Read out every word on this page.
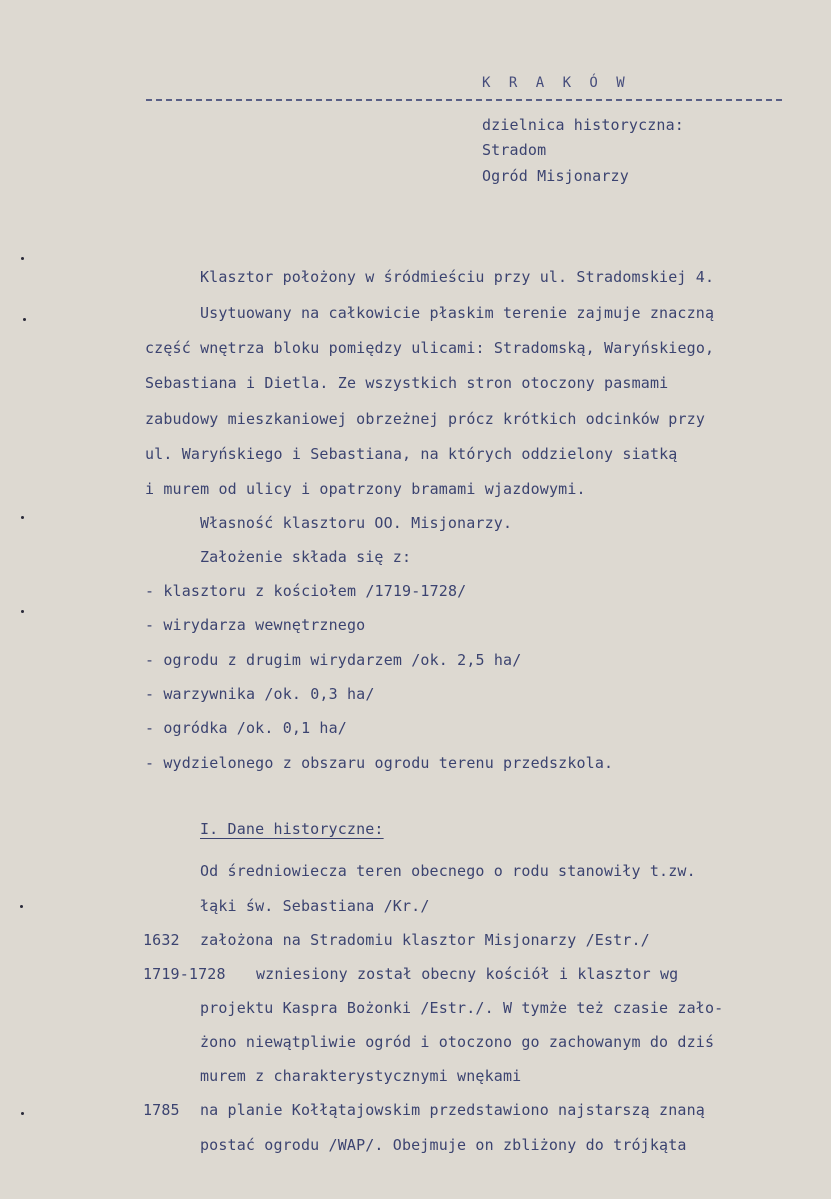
K R A K Ó W
dzielnica historyczna:
Stradom
Ogród Misjonarzy
Klasztor położony w śródmieściu przy ul. Stradomskiej 4.
Usytuowany na całkowicie płaskim terenie zajmuje znaczną
część wnętrza bloku pomiędzy ulicami: Stradomską, Waryńskiego,
Sebastiana i Dietla. Ze wszystkich stron otoczony pasmami
zabudowy mieszkaniowej obrzeżnej prócz krótkich odcinków przy
ul. Waryńskiego i Sebastiana, na których oddzielony siatką
i murem od ulicy i opatrzony bramami wjazdowymi.
Własność klasztoru OO. Misjonarzy.
Założenie składa się z:
- klasztoru z kościołem /1719-1728/
- wirydarza wewnętrznego
- ogrodu z drugim wirydarzem /ok. 2,5 ha/
- warzywnika /ok. 0,3 ha/
- ogródka /ok. 0,1 ha/
- wydzielonego z obszaru ogrodu terenu przedszkola.
I. Dane historyczne:
Od średniowiecza teren obecnego o rodu stanowiły t.zw.
łąki św. Sebastiana /Kr./
1632 założona na Stradomiu klasztor Misjonarzy /Estr./
1719-1728 wzniesiony został obecny kościół i klasztor wg
projektu Kaspra Bożonki /Estr./. W tymże też czasie zało-
żono niewątpliwie ogród i otoczono go zachowanym do dziś
murem z charakterystycznymi wnękami
1785 na planie Kołłątajowskim przedstawiono najstarszą znaną
postać ogrodu /WAP/. Obejmuje on zbliżony do trójkąta
